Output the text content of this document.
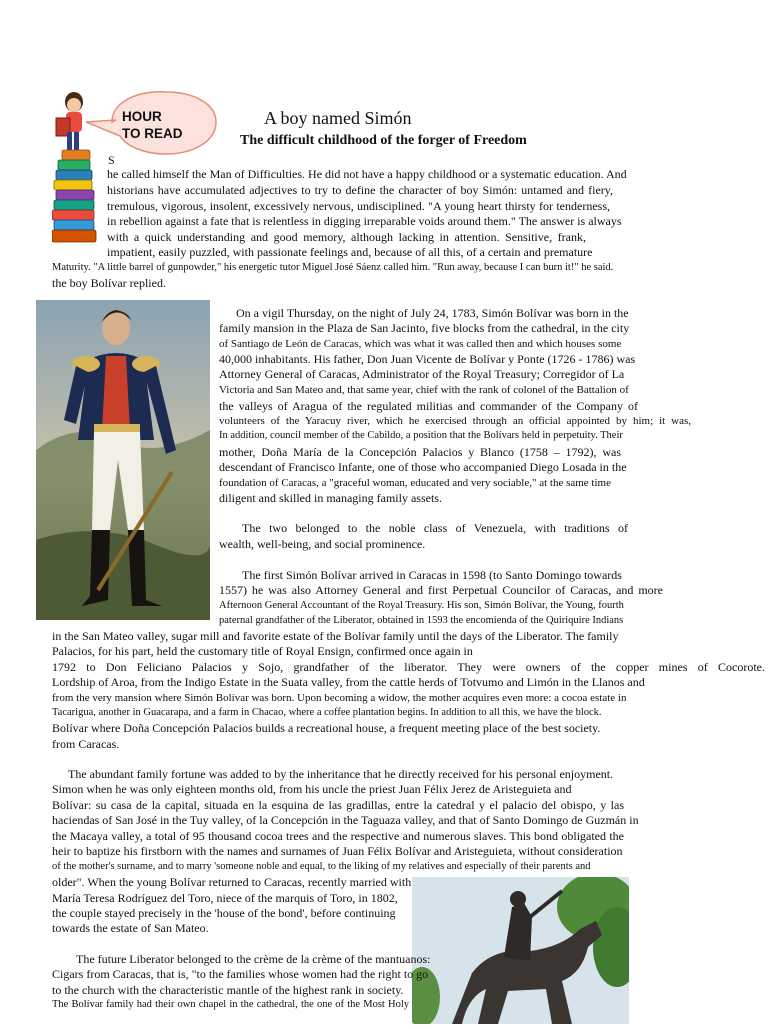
HOUR
TO READ
A boy named Simón
The difficult childhood of the forger of Freedom
S
he called himself the Man of Difficulties. He did not have a happy childhood or a systematic education. And
historians have accumulated adjectives to try to define the character of boy Simón: untamed and fiery,
tremulous, vigorous, insolent, excessively nervous, undisciplined. "A young heart thirsty for tenderness,
in rebellion against a fate that is relentless in digging irreparable voids around them." The answer is always
with a quick understanding and good memory, although lacking in attention. Sensitive, frank,
impatient, easily puzzled, with passionate feelings and, because of all this, of a certain and premature
Maturity. "A little barrel of gunpowder," his energetic tutor Miguel José Sáenz called him. "Run away, because I can burn it!" he said.
the boy Bolívar replied.
On a vigil Thursday, on the night of July 24, 1783, Simón Bolívar was born in the
family mansion in the Plaza de San Jacinto, five blocks from the cathedral, in the city
of Santiago de León de Caracas, which was what it was called then and which houses some
40,000 inhabitants. His father, Don Juan Vicente de Bolívar y Ponte (1726 - 1786) was
Attorney General of Caracas, Administrator of the Royal Treasury; Corregidor of La
Victoria and San Mateo and, that same year, chief with the rank of colonel of the Battalion of
the valleys of Aragua of the regulated militias and commander of the Company of
volunteers of the Yaracuy river, which he exercised through an official appointed by him; it was,
In addition, council member of the Cabildo, a position that the Bolívars held in perpetuity. Their
mother, Doña María de la Concepción Palacios y Blanco (1758 – 1792), was
descendant of Francisco Infante, one of those who accompanied Diego Losada in the
foundation of Caracas, a "graceful woman, educated and very sociable," at the same time
diligent and skilled in managing family assets.
The two belonged to the noble class of Venezuela, with traditions of
wealth, well-being, and social prominence.
The first Simón Bolívar arrived in Caracas in 1598 (to Santo Domingo towards
1557) he was also Attorney General and first Perpetual Councilor of Caracas, and more
Afternoon General Accountant of the Royal Treasury. His son, Simón Bolívar, the Young, fourth
paternal grandfather of the Liberator, obtained in 1593 the encomienda of the Quiriquire Indians
in the San Mateo valley, sugar mill and favorite estate of the Bolívar family until the days of the Liberator. The family
Palacios, for his part, held the customary title of Royal Ensign, confirmed once again in
1792 to Don Feliciano Palacios y Sojo, grandfather of the liberator. They were owners of the copper mines of Cocorote.
Lordship of Aroa, from the Indigo Estate in the Suata valley, from the cattle herds of Totvumo and Limón in the Llanos and
from the very mansion where Simón Bolívar was born. Upon becoming a widow, the mother acquires even more: a cocoa estate in
Tacarigua, another in Guacarapa, and a farm in Chacao, where a coffee plantation begins. In addition to all this, we have the block.
Bolívar where Doña Concepción Palacios builds a recreational house, a frequent meeting place of the best society.
from Caracas.
The abundant family fortune was added to by the inheritance that he directly received for his personal enjoyment.
Simon when he was only eighteen months old, from his uncle the priest Juan Félix Jerez de Aristeguieta and
Bolívar: su casa de la capital, situada en la esquina de las gradillas, entre la catedral y el palacio del obispo, y las
haciendas of San José in the Tuy valley, of la Concepción in the Taguaza valley, and that of Santo Domingo de Guzmán in
the Macaya valley, a total of 95 thousand cocoa trees and the respective and numerous slaves. This bond obligated the
heir to baptize his firstborn with the names and surnames of Juan Félix Bolívar and Aristeguieta, without consideration
of the mother's surname, and to marry 'someone noble and equal, to the liking of my relatives and especially of their parents and
older". When the young Bolívar returned to Caracas, recently married with
María Teresa Rodríguez del Toro, niece of the marquis of Toro, in 1802,
the couple stayed precisely in the 'house of the bond', before continuing
towards the estate of San Mateo.
The future Liberator belonged to the crème de la crème of the mantuanos:
Cigars from Caracas, that is, "to the families whose women had the right to go
to the church with the characteristic mantle of the highest rank in society.
The Bolívar family had their own chapel in the cathedral, the one of the Most Holy
